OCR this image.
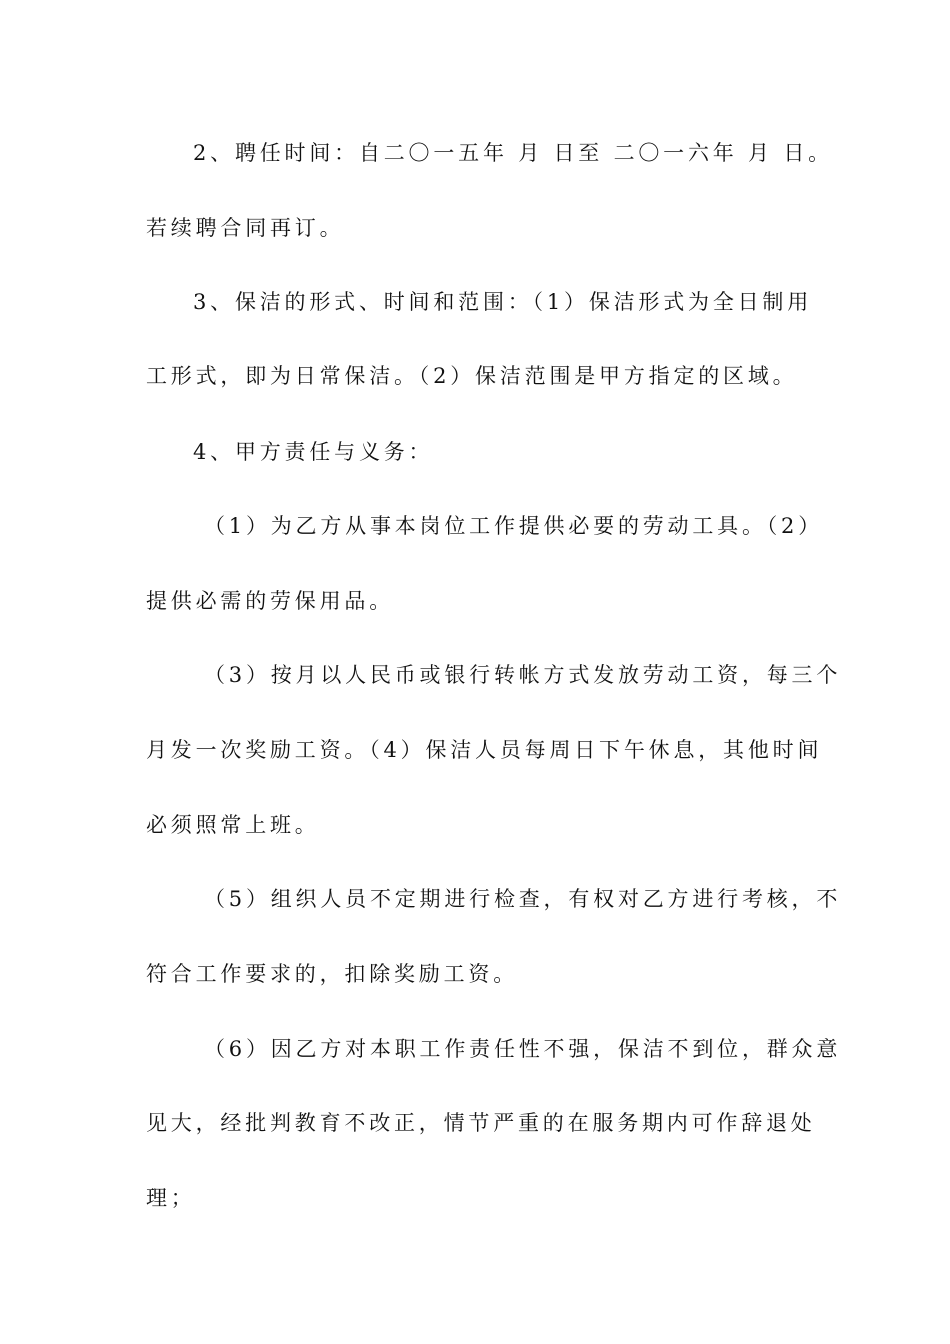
2、聘任时间：自二〇一五年 月 日至 二〇一六年 月 日。
若续聘合同再订。
3、保洁的形式、时间和范围：（1）保洁形式为全日制用
工形式，即为日常保洁。（2）保洁范围是甲方指定的区域。
4、甲方责任与义务：
（1）为乙方从事本岗位工作提供必要的劳动工具。（2）
提供必需的劳保用品。
（3）按月以人民币或银行转帐方式发放劳动工资，每三个
月发一次奖励工资。（4）保洁人员每周日下午休息，其他时间
必须照常上班。
（5）组织人员不定期进行检查，有权对乙方进行考核，不
符合工作要求的，扣除奖励工资。
（6）因乙方对本职工作责任性不强，保洁不到位，群众意
见大，经批判教育不改正，情节严重的在服务期内可作辞退处
理；
